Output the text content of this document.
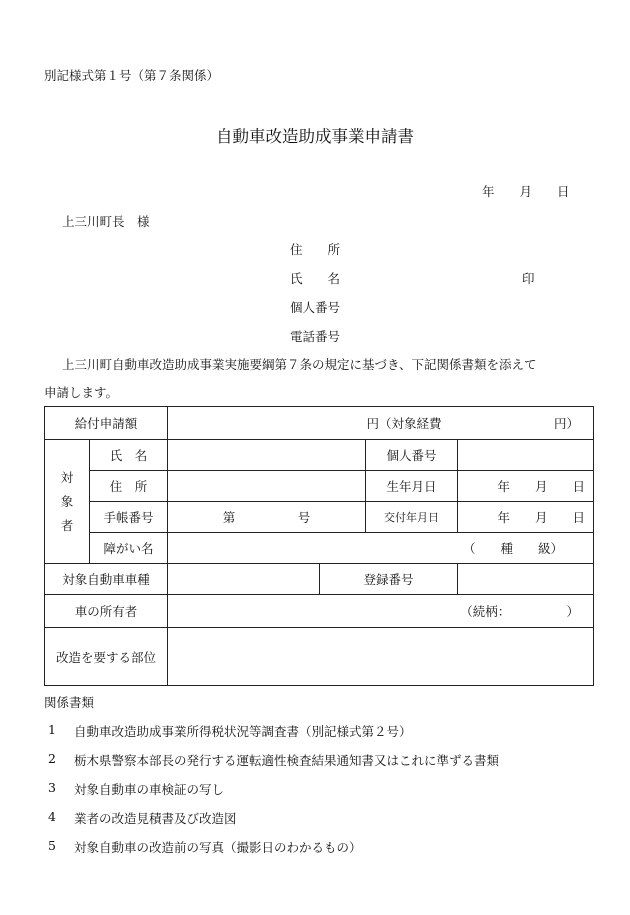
別記様式第１号（第７条関係）
自動車改造助成事業申請書
年　　月　　日
上三川町長　様
住　　所
氏　　名	印
個人番号
電話番号
上三川町自動車改造助成事業実施要綱第７条の規定に基づき、下記関係書類を添えて
申請します。
給付申請額		円（対象経費　　　　　　　　　円）			

対
象
者	氏　名			個人番号	
	住　所			生年月日	年　　月　　日
	手帳番号	第　　　　　号		交付年月日	年　　月　　日
	障がい名	（　　種　　級）			
対象自動車車種			登録番号		
車の所有者		（続柄：　　　　　）			
改造を要する部位					
関係書類
1 自動車改造助成事業所得税状況等調査書（別記様式第２号）
2 栃木県警察本部長の発行する運転適性検査結果通知書又はこれに準ずる書類
3 対象自動車の車検証の写し
4 業者の改造見積書及び改造図
5 対象自動車の改造前の写真（撮影日のわかるもの）
